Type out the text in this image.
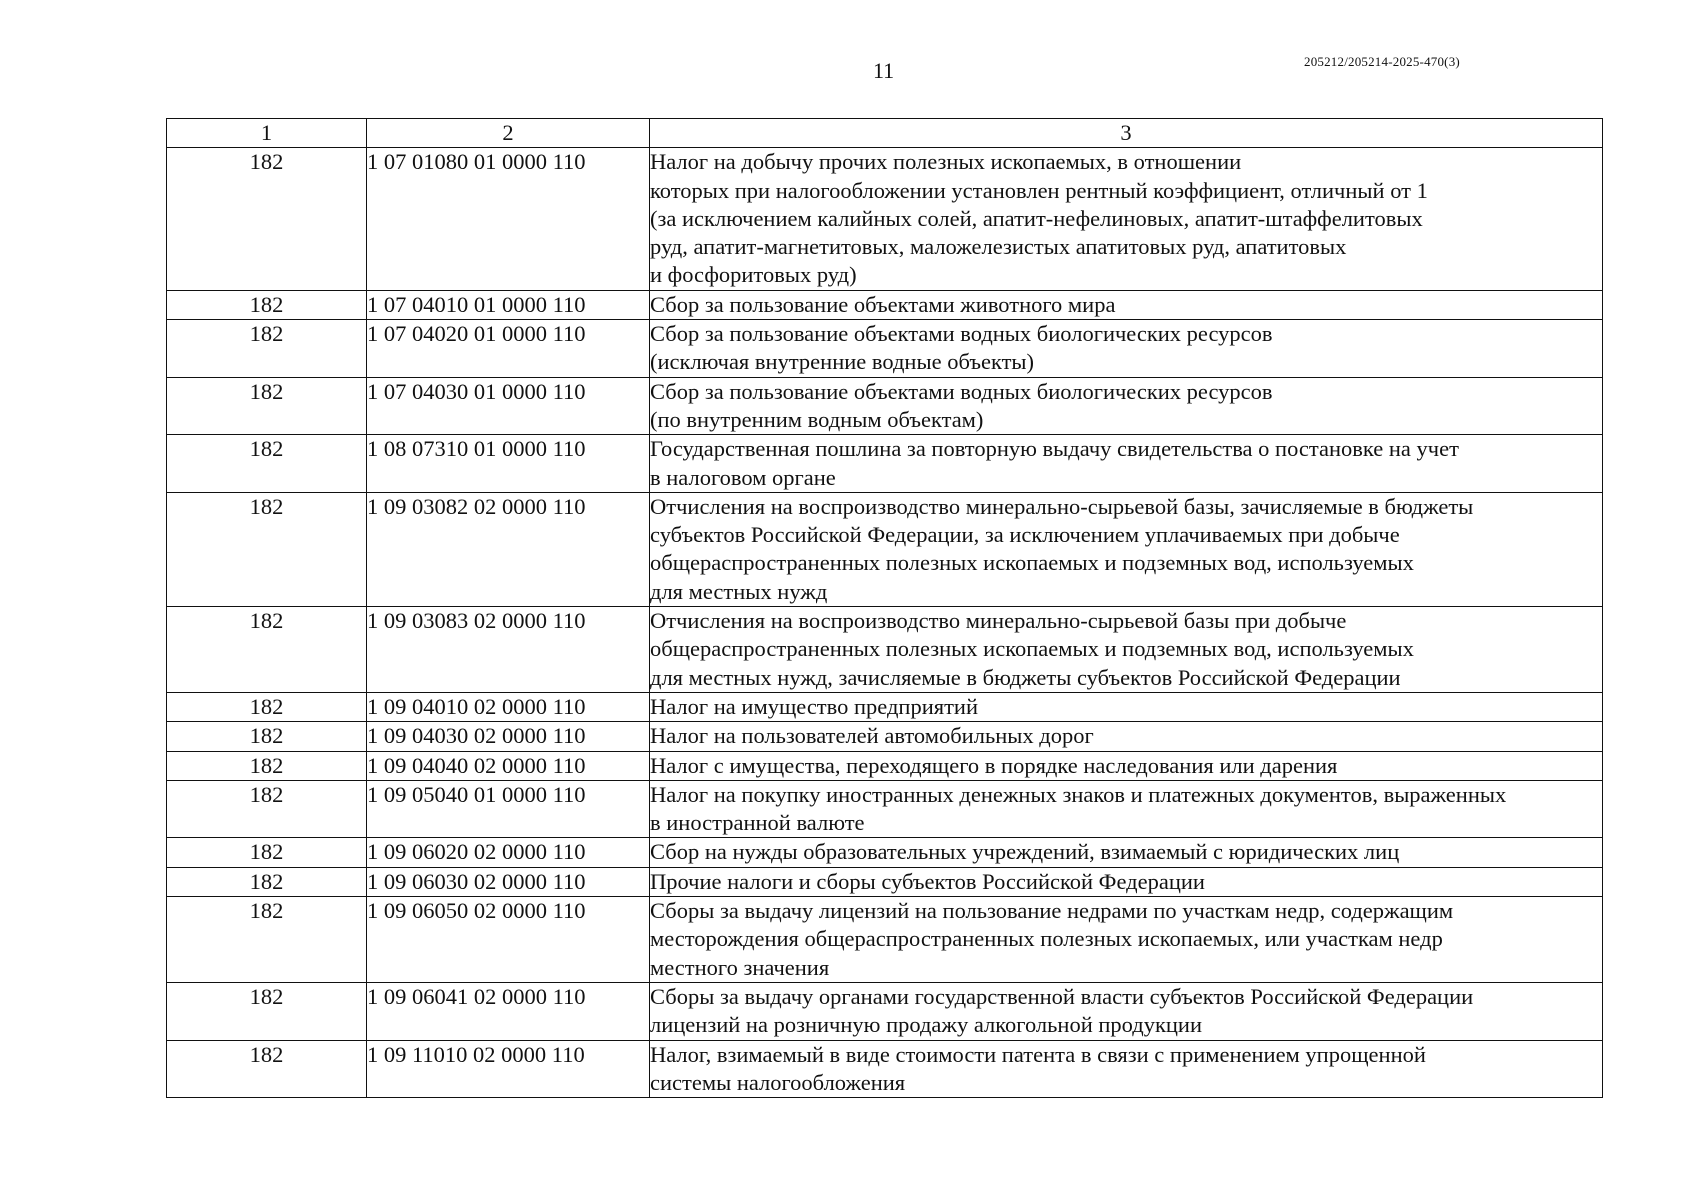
11	205212/205214-2025-470(3)
1	2	3
182	1 07 01080 01 0000 110	Налог на добычу прочих полезных ископаемых, в отношении
которых при налогообложении установлен рентный коэффициент, отличный от 1
(за исключением калийных солей, апатит-нефелиновых, апатит-штаффелитовых
руд, апатит-магнетитовых, маложелезистых апатитовых руд, апатитовых
и фосфоритовых руд)

182	1 07 04010 01 0000 110	Сбор за пользование объектами животного мира

182	1 07 04020 01 0000 110	Сбор за пользование объектами водных биологических ресурсов
(исключая внутренние водные объекты)

182	1 07 04030 01 0000 110	Сбор за пользование объектами водных биологических ресурсов
(по внутренним водным объектам)

182	1 08 07310 01 0000 110	Государственная пошлина за повторную выдачу свидетельства о постановке на учет
в налоговом органе

182	1 09 03082 02 0000 110	Отчисления на воспроизводство минерально-сырьевой базы, зачисляемые в бюджеты
субъектов Российской Федерации, за исключением уплачиваемых при добыче
общераспространенных полезных ископаемых и подземных вод, используемых
для местных нужд

182	1 09 03083 02 0000 110	Отчисления на воспроизводство минерально-сырьевой базы при добыче
общераспространенных полезных ископаемых и подземных вод, используемых
для местных нужд, зачисляемые в бюджеты субъектов Российской Федерации

182	1 09 04010 02 0000 110	Налог на имущество предприятий

182	1 09 04030 02 0000 110	Налог на пользователей автомобильных дорог

182	1 09 04040 02 0000 110	Налог с имущества, переходящего в порядке наследования или дарения

182	1 09 05040 01 0000 110	Налог на покупку иностранных денежных знаков и платежных документов, выраженных
в иностранной валюте

182	1 09 06020 02 0000 110	Сбор на нужды образовательных учреждений, взимаемый с юридических лиц

182	1 09 06030 02 0000 110	Прочие налоги и сборы субъектов Российской Федерации

182	1 09 06050 02 0000 110	Сборы за выдачу лицензий на пользование недрами по участкам недр, содержащим
месторождения общераспространенных полезных ископаемых, или участкам недр
местного значения

182	1 09 06041 02 0000 110	Сборы за выдачу органами государственной власти субъектов Российской Федерации
лицензий на розничную продажу алкогольной продукции

182	1 09 11010 02 0000 110	Налог, взимаемый в виде стоимости патента в связи с применением упрощенной
системы налогообложения
